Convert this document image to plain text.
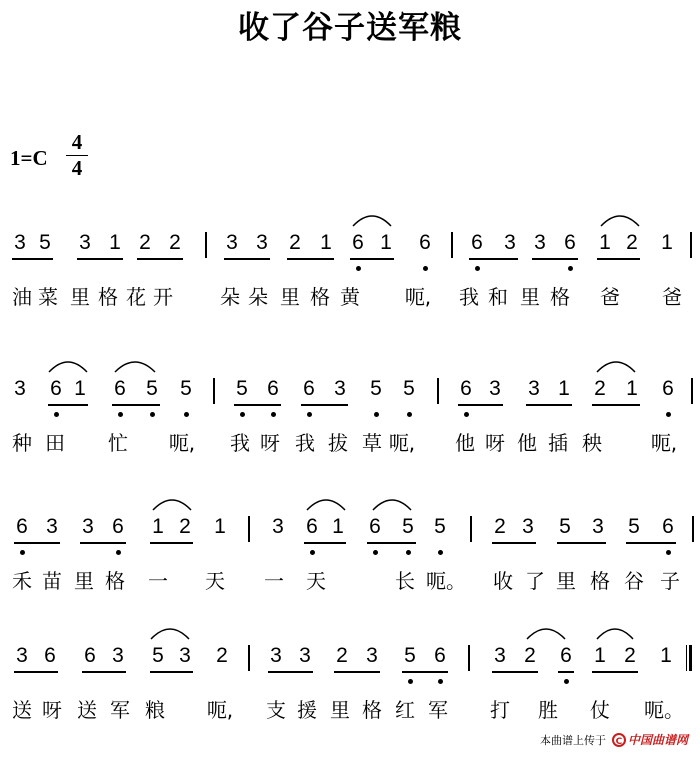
收了谷子送军粮
$1=C \frac{4}{4}$
3 5 3 1 2 2 3 3 2 1 6 1 6 6 3 3 6 1 2 1
油 菜 里 格 花 开	朵 朵 里 格 黄	呃,	我 和 里 格	爸	爸
3 6 1 6 5 5 5 6 6 3 5 5 6 3 3 1 2 1 6
种 田	忙	呃,	我 呀 我 拔 草 呃,	他 呀 他 插 秧	呃,
6 3 3 6 1 2 1 3 6 1 6 5 5 2 3 5 3 5 6
禾 苗 里 格	一	天	一	天	长 呃。	收 了 里 格 谷 子
3 6 6 3 5 3 2 3 3 2 3 5 6 3 2 6 1 2 1
送 呀 送 军 粮	呃,	支 援 里 格 红 军	打	胜	仗	呃。
本曲谱上传于	C 中国曲谱网
